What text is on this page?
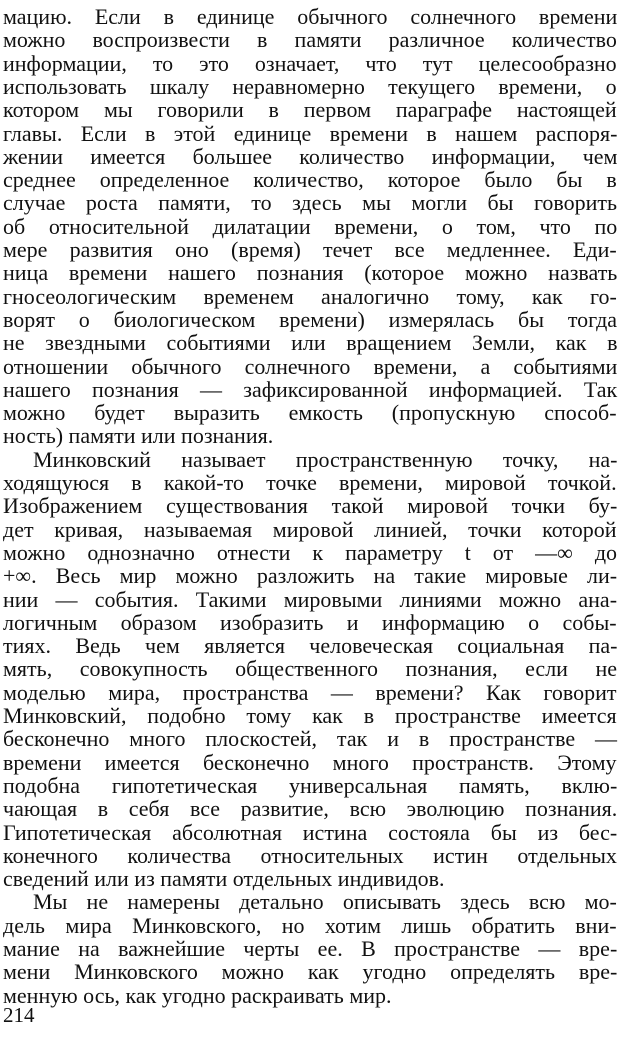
мацию. Если в единице обычного солнечного времени
можно воспроизвести в памяти различное количество
информации, то это означает, что тут целесообразно
использовать шкалу неравномерно текущего времени, о
котором мы говорили в первом параграфе настоящей
главы. Если в этой единице времени в нашем распоря-
жении имеется большее количество информации, чем
среднее определенное количество, которое было бы в
случае роста памяти, то здесь мы могли бы говорить
об относительной дилатации времени, о том, что по
мере развития оно (время) течет все медленнее. Еди-
ница времени нашего познания (которое можно назвать
гносеологическим временем аналогично тому, как го-
ворят о биологическом времени) измерялась бы тогда
не звездными событиями или вращением Земли, как в
отношении обычного солнечного времени, а событиями
нашего познания — зафиксированной информацией. Так
можно будет выразить емкость (пропускную способ-
ность) памяти или познания.
Минковский называет пространственную точку, на-
ходящуюся в какой-то точке времени, мировой точкой.
Изображением существования такой мировой точки бу-
дет кривая, называемая мировой линией, точки которой
можно однозначно отнести к параметру t от —∞ до
+∞. Весь мир можно разложить на такие мировые ли-
нии — события. Такими мировыми линиями можно ана-
логичным образом изобразить и информацию о собы-
тиях. Ведь чем является человеческая социальная па-
мять, совокупность общественного познания, если не
моделью мира, пространства — времени? Как говорит
Минковский, подобно тому как в пространстве имеется
бесконечно много плоскостей, так и в пространстве —
времени имеется бесконечно много пространств. Этому
подобна гипотетическая универсальная память, вклю-
чающая в себя все развитие, всю эволюцию познания.
Гипотетическая абсолютная истина состояла бы из бес-
конечного количества относительных истин отдельных
сведений или из памяти отдельных индивидов.
Мы не намерены детально описывать здесь всю мо-
дель мира Минковского, но хотим лишь обратить вни-
мание на важнейшие черты ее. В пространстве — вре-
мени Минковского можно как угодно определять вре-
менную ось, как угодно раскраивать мир.
214
